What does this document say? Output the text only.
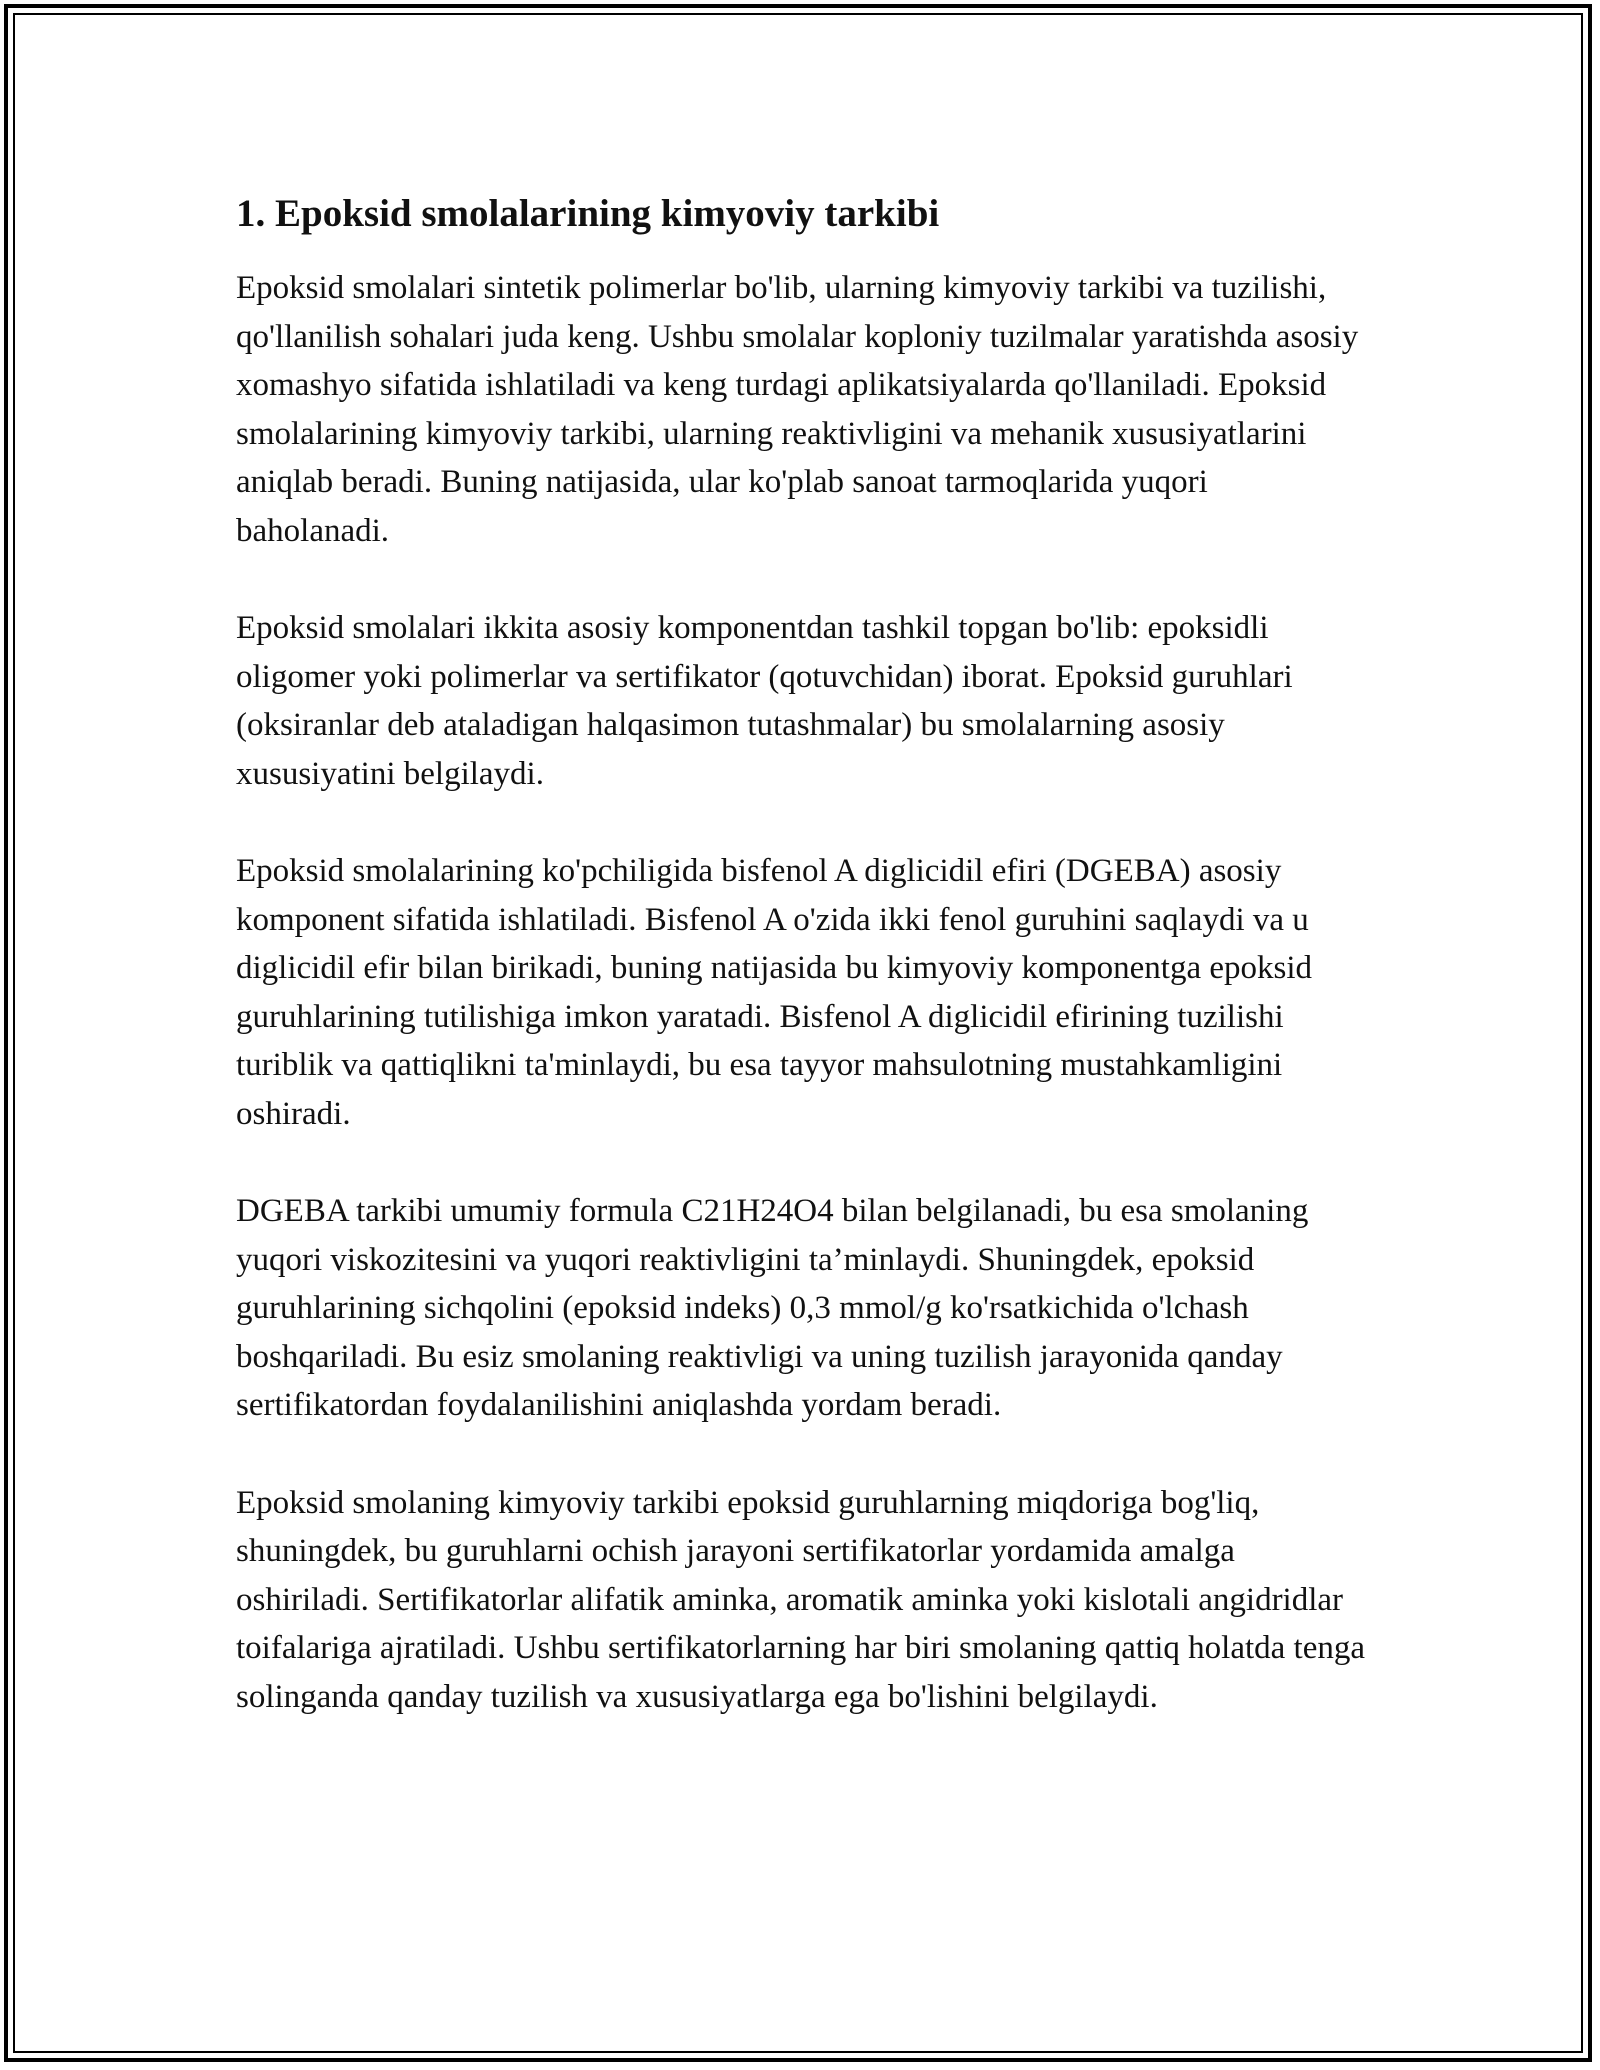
1. Epoksid smolalarining kimyoviy tarkibi

Epoksid smolalari sintetik polimerlar bo'lib, ularning kimyoviy tarkibi va tuzilishi, qo'llanilish sohalari juda keng. Ushbu smolalar koploniy tuzilmalar yaratishda asosiy xomashyo sifatida ishlatiladi va keng turdagi aplikatsiyalarda qo'llaniladi. Epoksid smolalarining kimyoviy tarkibi, ularning reaktivligini va mehanik xususiyatlarini aniqlab beradi. Buning natijasida, ular ko'plab sanoat tarmoqlarida yuqori baholanadi.

Epoksid smolalari ikkita asosiy komponentdan tashkil topgan bo'lib: epoksidli oligomer yoki polimerlar va sertifikator (qotuvchidan) iborat. Epoksid guruhlari (oksiranlar deb ataladigan halqasimon tutashmalar) bu smolalarning asosiy xususiyatini belgilaydi.

Epoksid smolalarining ko'pchiligida bisfenol A diglicidil efiri (DGEBA) asosiy komponent sifatida ishlatiladi. Bisfenol A o'zida ikki fenol guruhini saqlaydi va u diglicidil efir bilan birikadi, buning natijasida bu kimyoviy komponentga epoksid guruhlarining tutilishiga imkon yaratadi. Bisfenol A diglicidil efirining tuzilishi turiblik va qattiqlikni ta'minlaydi, bu esa tayyor mahsulotning mustahkamligini oshiradi.

DGEBA tarkibi umumiy formula C21H24O4 bilan belgilanadi, bu esa smolaning yuqori viskozitesini va yuqori reaktivligini ta’minlaydi. Shuningdek, epoksid guruhlarining sichqolini (epoksid indeks) 0,3 mmol/g ko'rsatkichida o'lchash boshqariladi. Bu esiz smolaning reaktivligi va uning tuzilish jarayonida qanday sertifikatordan foydalanilishini aniqlashda yordam beradi.

Epoksid smolaning kimyoviy tarkibi epoksid guruhlarning miqdoriga bog'liq, shuningdek, bu guruhlarni ochish jarayoni sertifikatorlar yordamida amalga oshiriladi. Sertifikatorlar alifatik aminka, aromatik aminka yoki kislotali angidridlar toifalariga ajratiladi. Ushbu sertifikatorlarning har biri smolaning qattiq holatda tenga solinganda qanday tuzilish va xususiyatlarga ega bo'lishini belgilaydi.
